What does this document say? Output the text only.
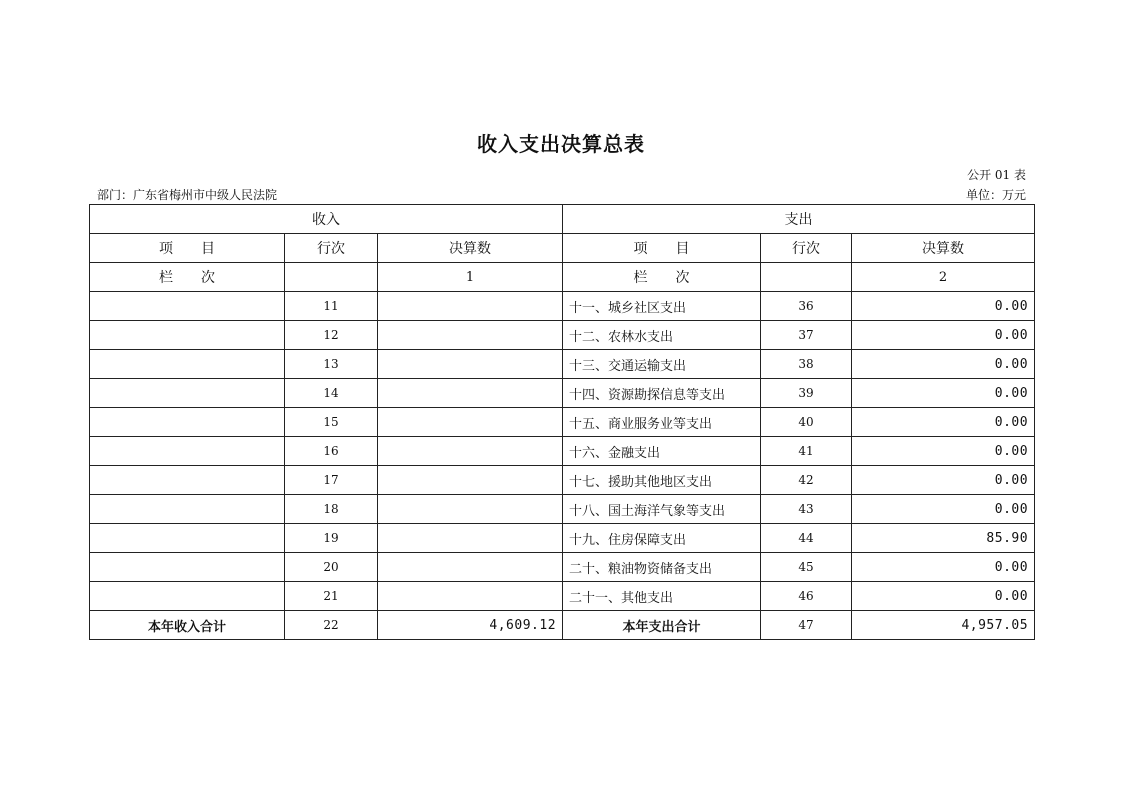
收入支出决算总表
公开 01 表
部门：广东省梅州市中级人民法院	单位：万元
收入			支出		
项　　目	行次	决算数	项　　目	行次	决算数
栏　　次		1	栏　　次		2
	11		十一、城乡社区支出	36	0.00
	12		十二、农林水支出	37	0.00
	13		十三、交通运输支出	38	0.00
	14		十四、资源勘探信息等支出	39	0.00
	15		十五、商业服务业等支出	40	0.00
	16		十六、金融支出	41	0.00
	17		十七、援助其他地区支出	42	0.00
	18		十八、国土海洋气象等支出	43	0.00
	19		十九、住房保障支出	44	85.90
	20		二十、粮油物资储备支出	45	0.00
	21		二十一、其他支出	46	0.00
本年收入合计	22	4,609.12	本年支出合计	47	4,957.05
